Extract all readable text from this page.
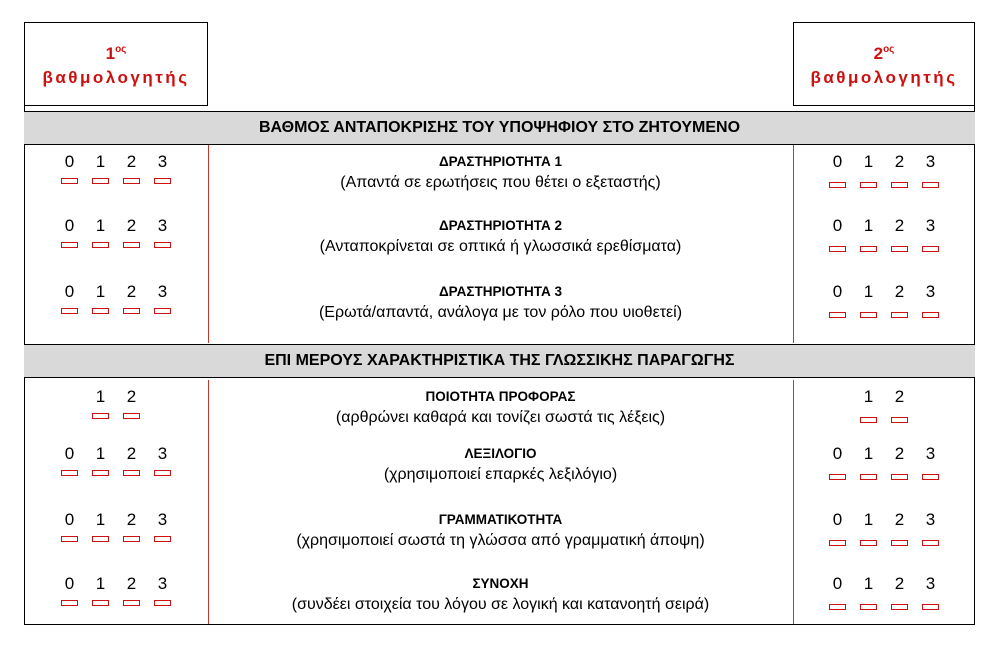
$1^{o\varsigma}$
βαθμολογητής
$2^{o\varsigma}$
βαθμολογητής
ΒΑΘΜΟΣ ΑΝΤΑΠΟΚΡΙΣΗΣ ΤΟΥ ΥΠΟΨΗΦΙΟΥ ΣΤΟ ΖΗΤΟΥΜΕΝΟ
ΕΠΙ ΜΕΡΟΥΣ ΧΑΡΑΚΤΗΡΙΣΤΙΚΑ ΤΗΣ ΓΛΩΣΣΙΚΗΣ ΠΑΡΑΓΩΓΗΣ
0	1	2	3	ΔΡΑΣΤΗΡΙΟΤΗΤΑ 1
(Απαντά σε ερωτήσεις που θέτει ο εξεταστής)
0	1	2	3
0	1	2	3	ΔΡΑΣΤΗΡΙΟΤΗΤΑ 2
(Ανταποκρίνεται σε οπτικά ή γλωσσικά ερεθίσματα)
0	1	2	3
0	1	2	3	ΔΡΑΣΤΗΡΙΟΤΗΤΑ 3
(Ερωτά/απαντά, ανάλογα με τον ρόλο που υιοθετεί)
0	1	2	3
1	2	ΠΟΙΟΤΗΤΑ ΠΡΟΦΟΡΑΣ
(αρθρώνει καθαρά και τονίζει σωστά τις λέξεις)
1	2
0	1	2	3	ΛΕΞΙΛΟΓΙΟ
(χρησιμοποιεί επαρκές λεξιλόγιο)
0	1	2	3
0	1	2	3	ΓΡΑΜΜΑΤΙΚΟΤΗΤΑ
(χρησιμοποιεί σωστά τη γλώσσα από γραμματική άποψη)
0	1	2	3
0	1	2	3	ΣΥΝΟΧΗ
(συνδέει στοιχεία του λόγου σε λογική και κατανοητή σειρά)
0	1	2	3
